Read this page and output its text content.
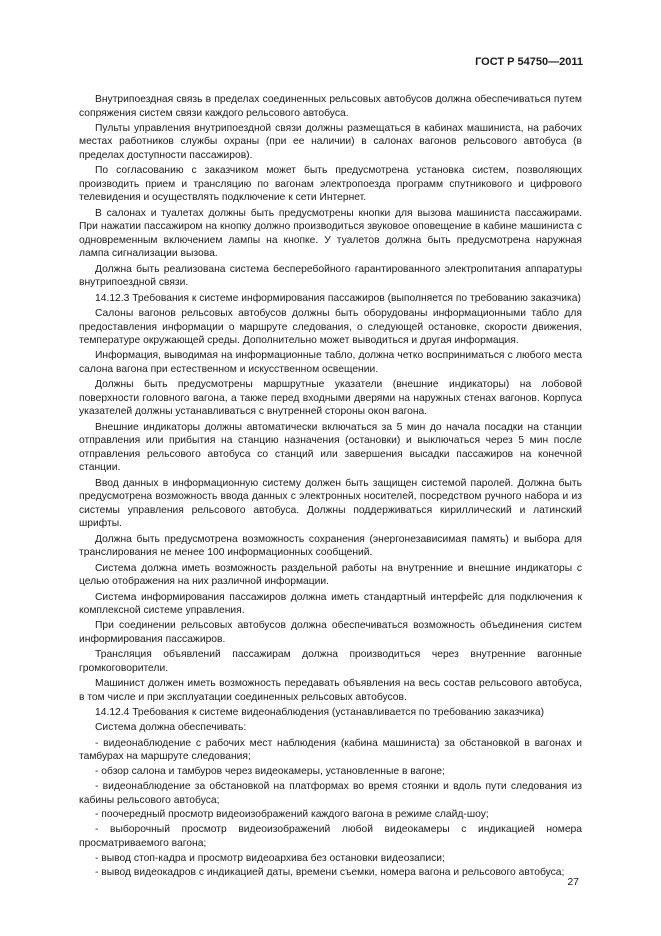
ГОСТ Р 54750—2011

Внутрипоездная связь в пределах соединенных рельсовых автобусов должна обеспечиваться путем сопряжения систем связи каждого рельсового автобуса.

Пульты управления внутрипоездной связи должны размещаться в кабинах машиниста, на рабочих местах работников службы охраны (при ее наличии) в салонах вагонов рельсового автобуса (в пределах доступности пассажиров).

По согласованию с заказчиком может быть предусмотрена установка систем, позволяющих производить прием и трансляцию по вагонам электропоезда программ спутникового и цифрового телевидения и осуществлять подключение к сети Интернет.

В салонах и туалетах должны быть предусмотрены кнопки для вызова машиниста пассажирами. При нажатии пассажиром на кнопку должно производиться звуковое оповещение в кабине машиниста с одновременным включением лампы на кнопке. У туалетов должна быть предусмотрена наружная лампа сигнализации вызова.

Должна быть реализована система бесперебойного гарантированного электропитания аппаратуры внутрипоездной связи.

14.12.3 Требования к системе информирования пассажиров (выполняется по требованию заказчика)

Салоны вагонов рельсовых автобусов должны быть оборудованы информационными табло для предоставления информации о маршруте следования, о следующей остановке, скорости движения, температуре окружающей среды. Дополнительно может выводиться и другая информация.

Информация, выводимая на информационные табло, должна четко восприниматься с любого места салона вагона при естественном и искусственном освещении.

Должны быть предусмотрены маршрутные указатели (внешние индикаторы) на лобовой поверхности головного вагона, а также перед входными дверями на наружных стенах вагонов. Корпуса указателей должны устанавливаться с внутренней стороны окон вагона.

Внешние индикаторы должны автоматически включаться за 5 мин до начала посадки на станции отправления или прибытия на станцию назначения (остановки) и выключаться через 5 мин после отправления рельсового автобуса со станций или завершения высадки пассажиров на конечной станции.

Ввод данных в информационную систему должен быть защищен системой паролей. Должна быть предусмотрена возможность ввода данных с электронных носителей, посредством ручного набора и из системы управления рельсового автобуса. Должны поддерживаться кириллический и латинский шрифты.

Должна быть предусмотрена возможность сохранения (энергонезависимая память) и выбора для транслирования не менее 100 информационных сообщений.

Система должна иметь возможность раздельной работы на внутренние и внешние индикаторы с целью отображения на них различной информации.

Система информирования пассажиров должна иметь стандартный интерфейс для подключения к комплексной системе управления.

При соединении рельсовых автобусов должна обеспечиваться возможность объединения систем информирования пассажиров.

Трансляция объявлений пассажирам должна производиться через внутренние вагонные громкоговорители.

Машинист должен иметь возможность передавать объявления на весь состав рельсового автобуса, в том числе и при эксплуатации соединенных рельсовых автобусов.

14.12.4 Требования к системе видеонаблюдения (устанавливается по требованию заказчика)

Система должна обеспечивать:

- видеонаблюдение с рабочих мест наблюдения (кабина машиниста) за обстановкой в вагонах и тамбурах на маршруте следования;

- обзор салона и тамбуров через видеокамеры, установленные в вагоне;

- видеонаблюдение за обстановкой на платформах во время стоянки и вдоль пути следования из кабины рельсового автобуса;

- поочередный просмотр видеоизображений каждого вагона в режиме слайд-шоу;

- выборочный просмотр видеоизображений любой видеокамеры с индикацией номера просматриваемого вагона;

- вывод стоп-кадра и просмотр видеоархива без остановки видеозаписи;

- вывод видеокадров с индикацией даты, времени съемки, номера вагона и рельсового автобуса;

27
